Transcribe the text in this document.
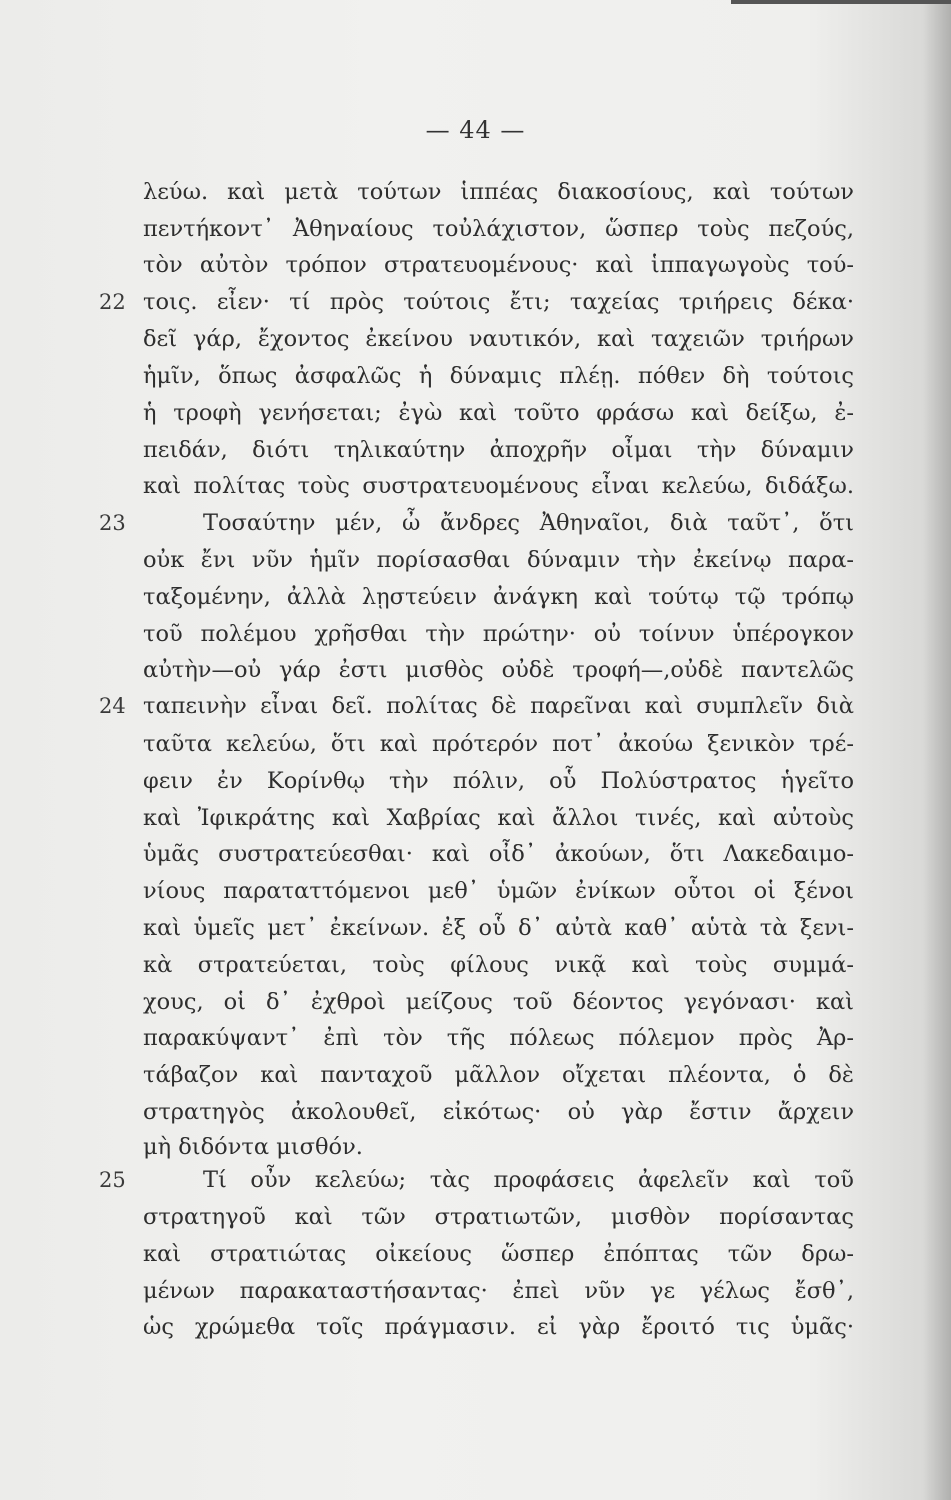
— 44 —
22
23
24
25
λεύω. καὶ μετὰ τούτων ἱππέας διακοσίους, καὶ τούτων
πεντήκοντ᾽ Ἀθηναίους τοὐλάχιστον, ὥσπερ τοὺς πεζούς,
τὸν αὐτὸν τρόπον στρατευομένους· καὶ ἱππαγωγοὺς τού-
τοις. εἶεν· τί πρὸς τούτοις ἔτι; ταχείας τριήρεις δέκα·
δεῖ γάρ, ἔχοντος ἐκείνου ναυτικόν, καὶ ταχειῶν τριήρων
ἡμῖν, ὅπως ἀσφαλῶς ἡ δύναμις πλέῃ. πόθεν δὴ τούτοις
ἡ τροφὴ γενήσεται; ἐγὼ καὶ τοῦτο φράσω καὶ δείξω, ἐ-
πειδάν, διότι τηλικαύτην ἀποχρῆν οἶμαι τὴν δύναμιν
καὶ πολίτας τοὺς συστρατευομένους εἶναι κελεύω, διδάξω.
Τοσαύτην μέν, ὦ ἄνδρες Ἀθηναῖοι, διὰ ταῦτ᾽, ὅτι
οὐκ ἔνι νῦν ἡμῖν πορίσασθαι δύναμιν τὴν ἐκείνῳ παρα-
ταξομένην, ἀλλὰ λῃστεύειν ἀνάγκη καὶ τούτῳ τῷ τρόπῳ
τοῦ πολέμου χρῆσθαι τὴν πρώτην· οὐ τοίνυν ὑπέρογκον
αὐτὴν—οὐ γάρ ἐστι μισθὸς οὐδὲ τροφή—,οὐδὲ παντελῶς
ταπεινὴν εἶναι δεῖ. πολίτας δὲ παρεῖναι καὶ συμπλεῖν διὰ
ταῦτα κελεύω, ὅτι καὶ πρότερόν ποτ᾽ ἀκούω ξενικὸν τρέ-
φειν ἐν Κορίνθῳ τὴν πόλιν, οὗ Πολύστρατος ἡγεῖτο
καὶ Ἰφικράτης καὶ Χαβρίας καὶ ἄλλοι τινές, καὶ αὐτοὺς
ὑμᾶς συστρατεύεσθαι· καὶ οἶδ᾽ ἀκούων, ὅτι Λακεδαιμο-
νίους παραταττόμενοι μεθ᾽ ὑμῶν ἐνίκων οὗτοι οἱ ξένοι
καὶ ὑμεῖς μετ᾽ ἐκείνων. ἐξ οὗ δ᾽ αὐτὰ καθ᾽ αὑτὰ τὰ ξενι-
κὰ στρατεύεται, τοὺς φίλους νικᾷ καὶ τοὺς συμμά-
χους, οἱ δ᾽ ἐχθροὶ μείζους τοῦ δέοντος γεγόνασι· καὶ
παρακύψαντ᾽ ἐπὶ τὸν τῆς πόλεως πόλεμον πρὸς Ἀρ-
τάβαζον καὶ πανταχοῦ μᾶλλον οἴχεται πλέοντα, ὁ δὲ
στρατηγὸς ἀκολουθεῖ, εἰκότως· οὐ γὰρ ἔστιν ἄρχειν
μὴ διδόντα μισθόν.
Τί οὖν κελεύω; τὰς προφάσεις ἀφελεῖν καὶ τοῦ
στρατηγοῦ καὶ τῶν στρατιωτῶν, μισθὸν πορίσαντας
καὶ στρατιώτας οἰκείους ὥσπερ ἐπόπτας τῶν δρω-
μένων παρακαταστήσαντας· ἐπεὶ νῦν γε γέλως ἔσθ᾽,
ὡς χρώμεθα τοῖς πράγμασιν. εἰ γὰρ ἔροιτό τις ὑμᾶς·
